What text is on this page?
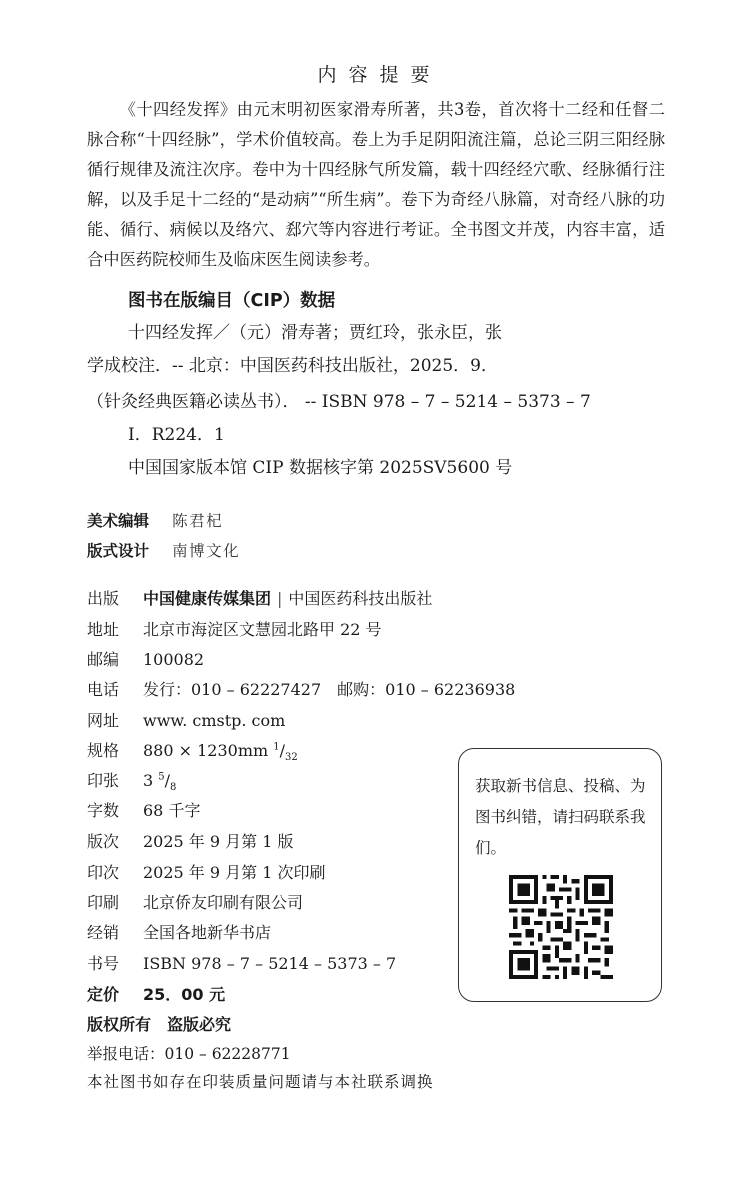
内 容 提 要

《十四经发挥》由元末明初医家滑寿所著，共3卷，首次将十二经和任督二脉合称“十四经脉”，学术价值较高。卷上为手足阴阳流注篇，总论三阴三阳经脉循行规律及流注次序。卷中为十四经脉气所发篇，载十四经经穴歌、经脉循行注解，以及手足十二经的“是动病”“所生病”。卷下为奇经八脉篇，对奇经八脉的功能、循行、病候以及络穴、郄穴等内容进行考证。全书图文并茂，内容丰富，适合中医药院校师生及临床医生阅读参考。

图书在版编目（CIP）数据
十四经发挥／（元）滑寿著；贾红玲，张永臣，张
学成校注．-- 北京：中国医药科技出版社，2025．9．
（针灸经典医籍必读丛书）． -- ISBN 978 – 7 – 5214 – 5373 – 7
Ⅰ．R224．1
中国国家版本馆 CIP 数据核字第 2025SV5600 号
美术编辑 陈君杞
版式设计 南博文化
出版 中国健康传媒集团 | 中国医药科技出版社
地址 北京市海淀区文慧园北路甲 22 号
邮编 100082
电话 发行：010 – 62227427　邮购：010 – 62236938
网址 www. cmstp. com
规格 880 × 1230mm $^1/_{32}$
印张 3 $^5/_8$
字数 68 千字
版次 2025 年 9 月第 1 版
印次 2025 年 9 月第 1 次印刷
印刷 北京侨友印刷有限公司
经销 全国各地新华书店
书号 ISBN 978 – 7 – 5214 – 5373 – 7
定价 25．00 元
版权所有　盗版必究
举报电话：010 – 62228771
本社图书如存在印装质量问题请与本社联系调换
获取新书信息、投稿、为图书纠错，请扫码联系我们。
